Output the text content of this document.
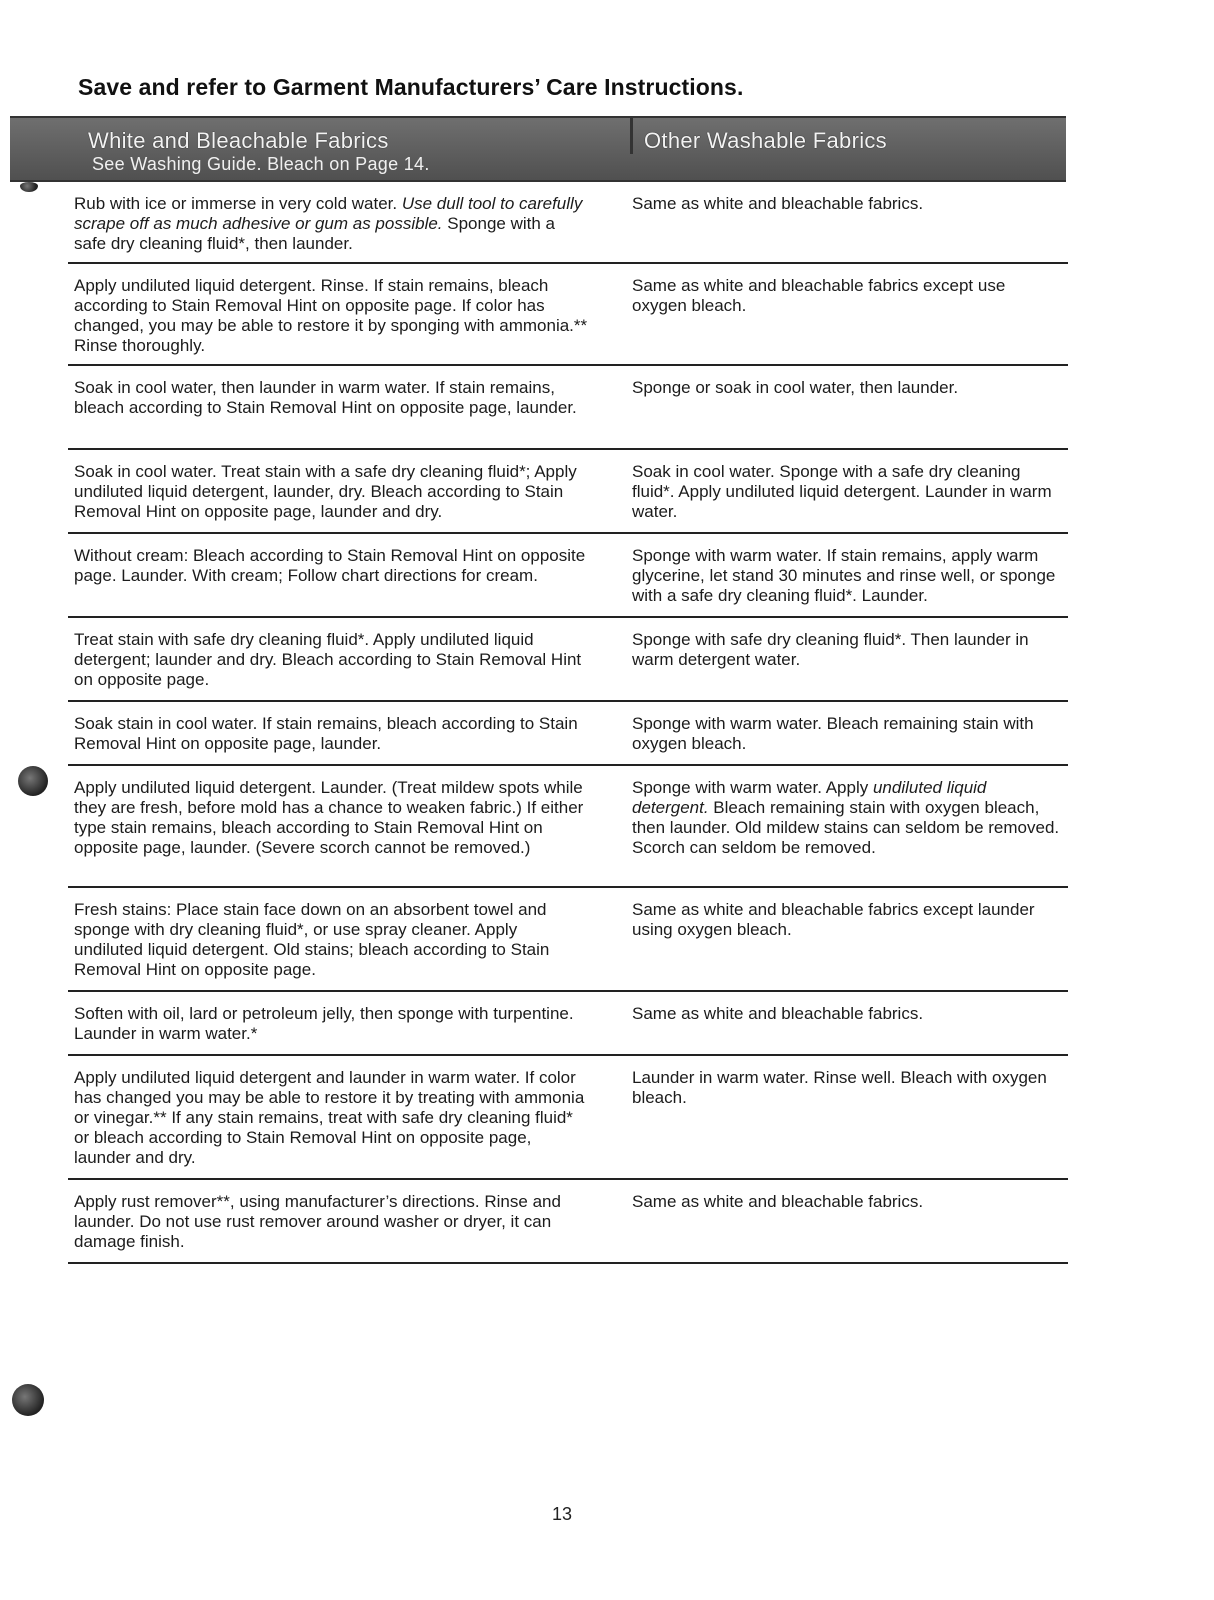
Save and refer to Garment Manufacturers’ Care Instructions.
White and Bleachable Fabrics
See Washing Guide. Bleach on Page 14.
Other Washable Fabrics
Rub with ice or immerse in very cold water. Use dull tool to carefully scrape off as much adhesive or gum as possible. Sponge with a safe dry cleaning fluid*, then launder.
Same as white and bleachable fabrics.
Apply undiluted liquid detergent. Rinse. If stain remains, bleach according to Stain Removal Hint on opposite page. If color has changed, you may be able to restore it by sponging with ammonia.** Rinse thoroughly.
Same as white and bleachable fabrics except use oxygen bleach.
Soak in cool water, then launder in warm water. If stain remains, bleach according to Stain Removal Hint on opposite page, launder.
Sponge or soak in cool water, then launder.
Soak in cool water. Treat stain with a safe dry cleaning fluid*; Apply undiluted liquid detergent, launder, dry. Bleach according to Stain Removal Hint on opposite page, launder and dry.
Soak in cool water. Sponge with a safe dry cleaning fluid*. Apply undiluted liquid detergent. Launder in warm water.
Without cream: Bleach according to Stain Removal Hint on opposite page. Launder. With cream; Follow chart directions for cream.
Sponge with warm water. If stain remains, apply warm glycerine, let stand 30 minutes and rinse well, or sponge with a safe dry cleaning fluid*. Launder.
Treat stain with safe dry cleaning fluid*. Apply undiluted liquid detergent; launder and dry. Bleach according to Stain Removal Hint on opposite page.
Sponge with safe dry cleaning fluid*. Then launder in warm detergent water.
Soak stain in cool water. If stain remains, bleach according to Stain Removal Hint on opposite page, launder.
Sponge with warm water. Bleach remaining stain with oxygen bleach.
Apply undiluted liquid detergent. Launder. (Treat mildew spots while they are fresh, before mold has a chance to weaken fabric.) If either type stain remains, bleach according to Stain Removal Hint on opposite page, launder. (Severe scorch cannot be removed.)
Sponge with warm water. Apply undiluted liquid detergent. Bleach remaining stain with oxygen bleach, then launder. Old mildew stains can seldom be removed. Scorch can seldom be removed.
Fresh stains: Place stain face down on an absorbent towel and sponge with dry cleaning fluid*, or use spray cleaner. Apply undiluted liquid detergent. Old stains; bleach according to Stain Removal Hint on opposite page.
Same as white and bleachable fabrics except launder using oxygen bleach.
Soften with oil, lard or petroleum jelly, then sponge with turpentine. Launder in warm water.*
Same as white and bleachable fabrics.
Apply undiluted liquid detergent and launder in warm water. If color has changed you may be able to restore it by treating with ammonia or vinegar.** If any stain remains, treat with safe dry cleaning fluid* or bleach according to Stain Removal Hint on opposite page, launder and dry.
Launder in warm water. Rinse well. Bleach with oxygen bleach.
Apply rust remover**, using manufacturer’s directions. Rinse and launder. Do not use rust remover around washer or dryer, it can damage finish.
Same as white and bleachable fabrics.
13
